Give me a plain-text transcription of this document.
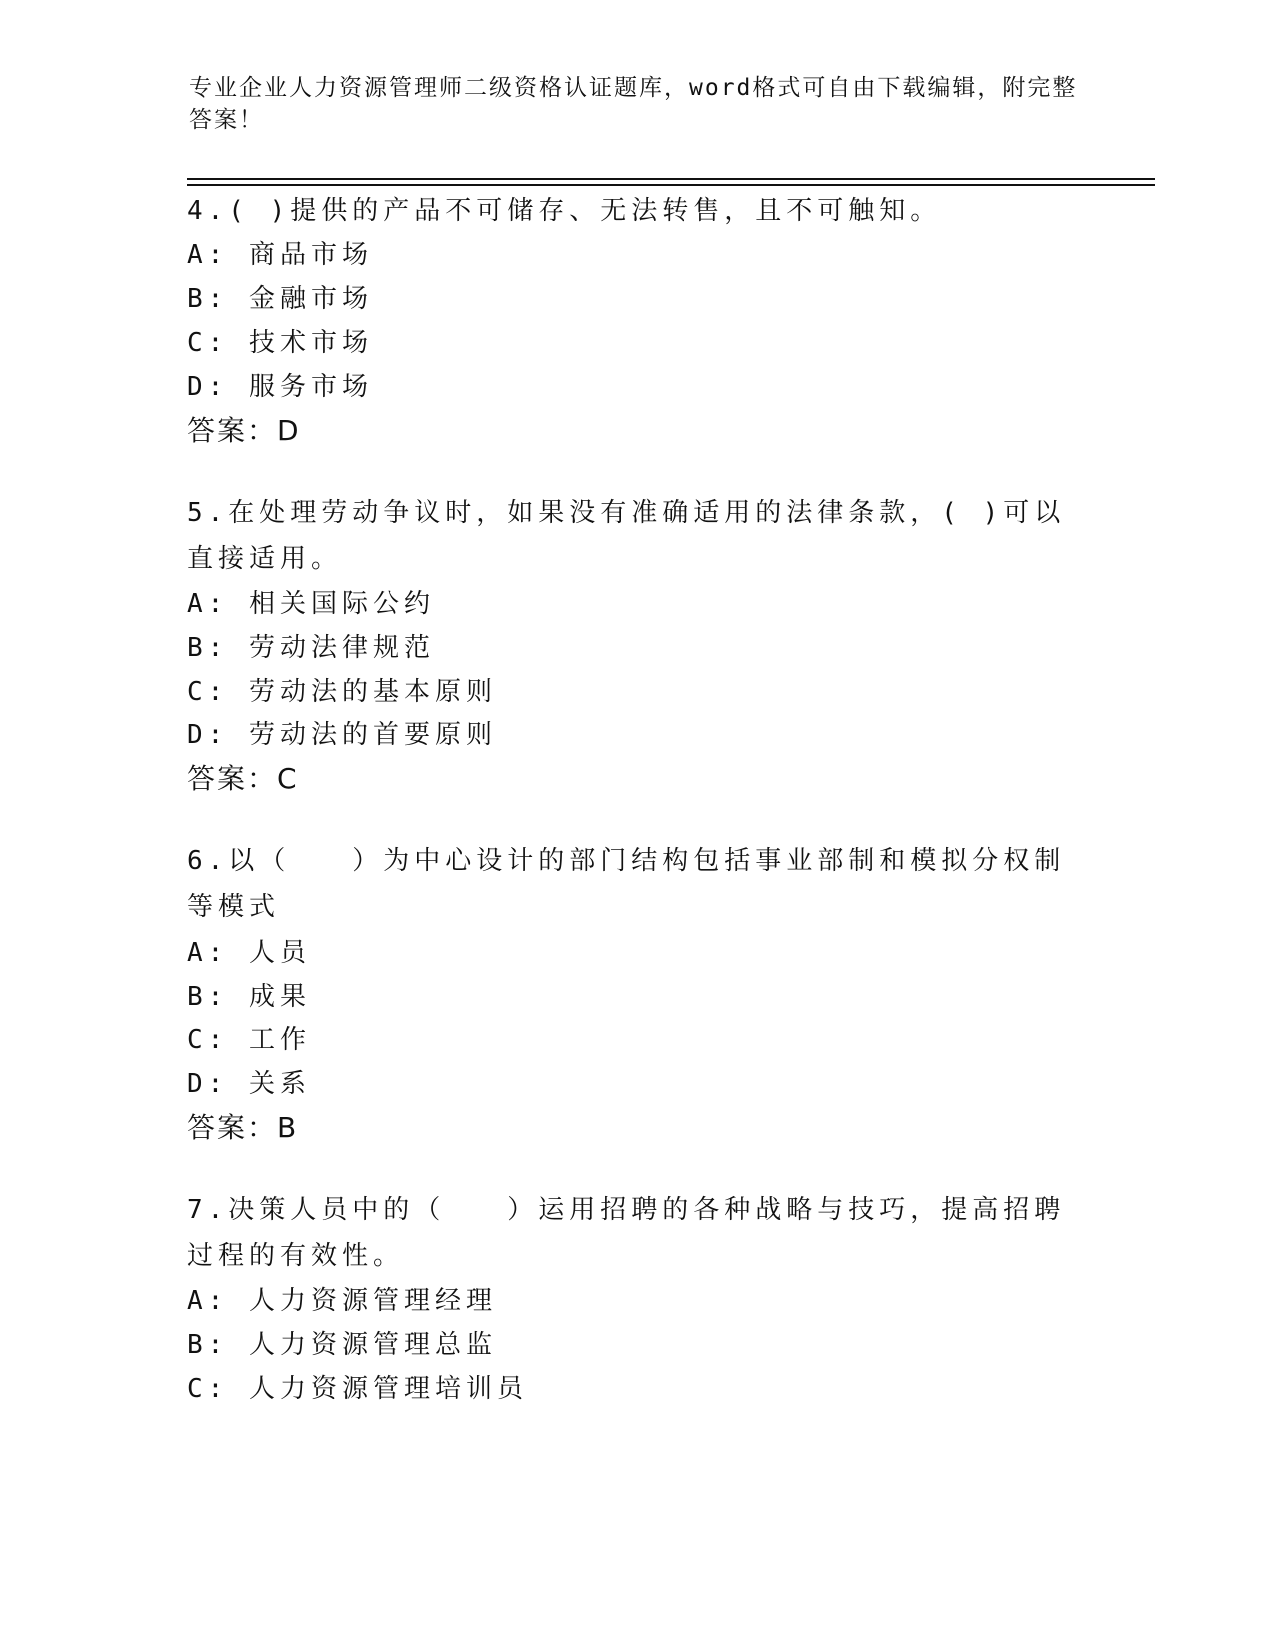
专业企业人力资源管理师二级资格认证题库，word格式可自由下载编辑，附完整答案！
4.( )提供的产品不可储存、无法转售，且不可触知。
A: 商品市场
B: 金融市场
C: 技术市场
D: 服务市场
答案：D
5.在处理劳动争议时，如果没有准确适用的法律条款，( )可以直接适用。
A: 相关国际公约
B: 劳动法律规范
C: 劳动法的基本原则
D: 劳动法的首要原则
答案：C
6.以（　　）为中心设计的部门结构包括事业部制和模拟分权制等模式
A: 人员
B: 成果
C: 工作
D: 关系
答案：B
7.决策人员中的（　　）运用招聘的各种战略与技巧，提高招聘过程的有效性。
A: 人力资源管理经理
B: 人力资源管理总监
C: 人力资源管理培训员
